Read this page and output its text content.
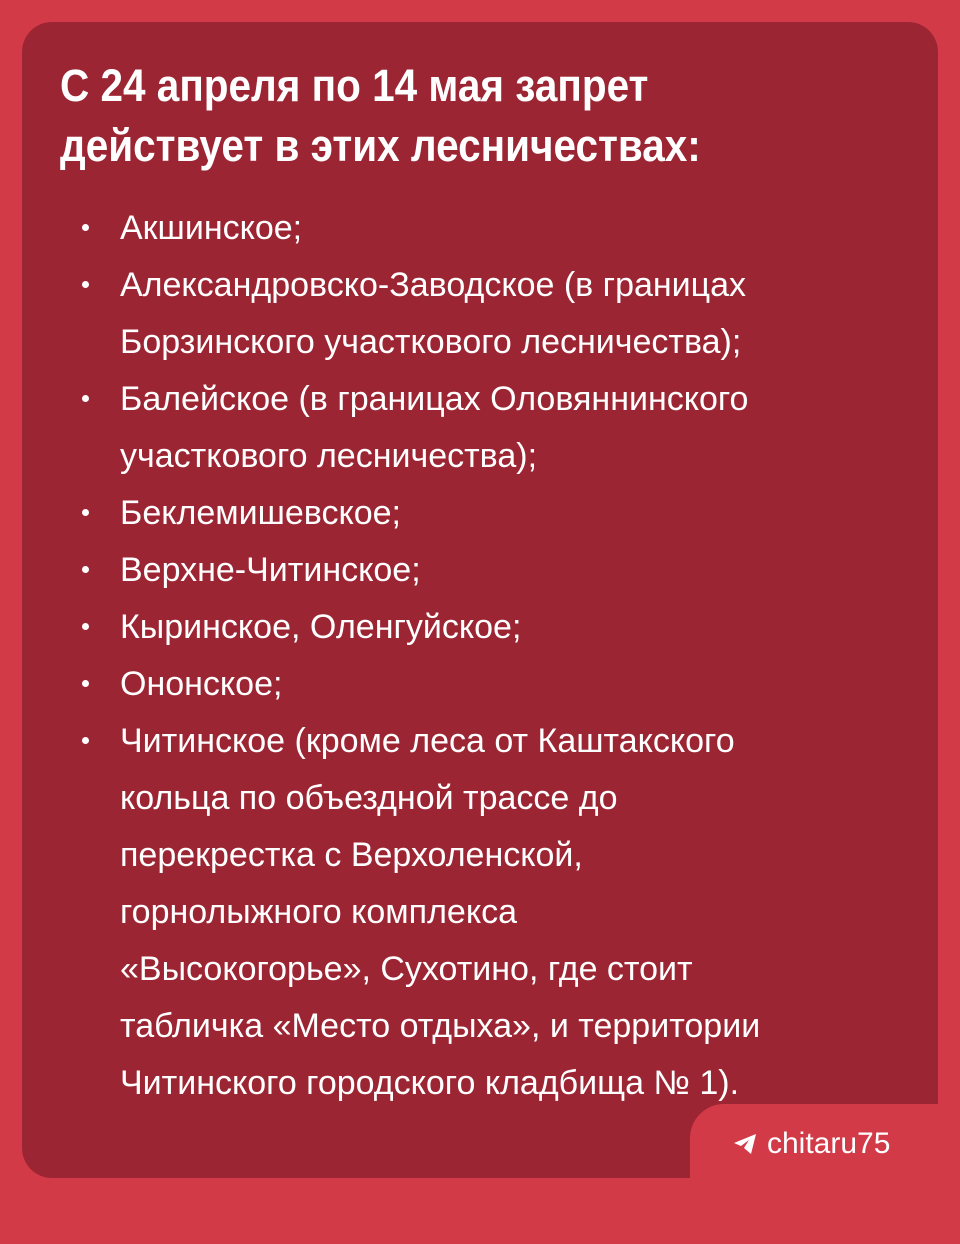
С 24 апреля по 14 мая запрет
действует в этих лесничествах:
Акшинское;
Александровско-Заводское (в границах
Борзинского участкового лесничества);
Балейское (в границах Оловяннинского
участкового лесничества);
Беклемишевское;
Верхне-Читинское;
Кыринское, Оленгуйское;
Ононское;
Читинское (кроме леса от Каштакского
кольца по объездной трассе до
перекрестка с Верхоленской,
горнолыжного комплекса
«Высокогорье», Сухотино, где стоит
табличка «Место отдыха», и территории
Читинского городского кладбища № 1).
chitaru75
